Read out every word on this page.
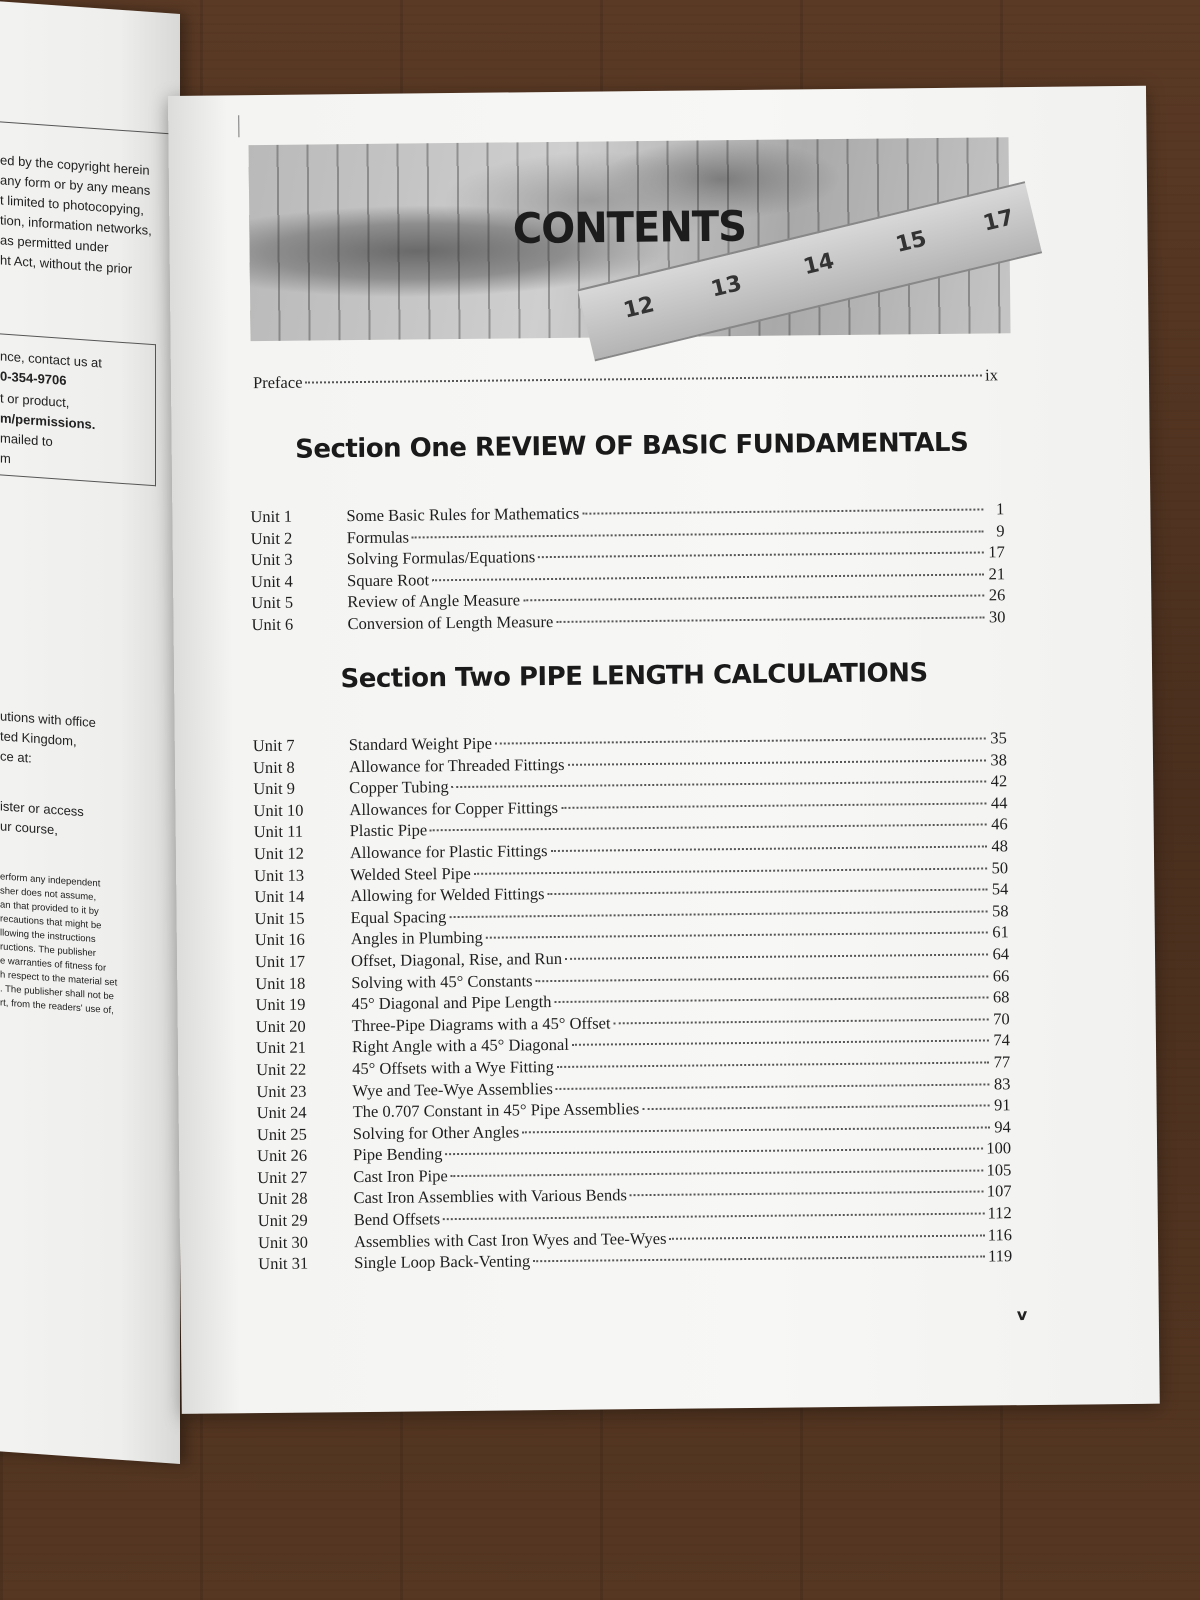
ed by the copyright herein
any form or by any means
t limited to photocopying,
tion, information networks,
as permitted under
ht Act, without the prior
nce, contact us at
0-354-9706
t or product,
m/permissions.
mailed to
m
utions with office
ted Kingdom,
ce at:
ister or access
ur course,
erform any independent
sher does not assume,
an that provided to it by
recautions that might be
llowing the instructions
ructions. The publisher
e warranties of fitness for
h respect to the material set
. The publisher shall not be
rt, from the readers' use of,
12
13
14
15
17
CONTENTS
Preface	ix
Section One REVIEW OF BASIC FUNDAMENTALS
Unit 1	Some Basic Rules for Mathematics	1
Unit 2	Formulas	9
Unit 3	Solving Formulas/Equations	17
Unit 4	Square Root	21
Unit 5	Review of Angle Measure	26
Unit 6	Conversion of Length Measure	30
Section Two PIPE LENGTH CALCULATIONS
Unit 7	Standard Weight Pipe	35
Unit 8	Allowance for Threaded Fittings	38
Unit 9	Copper Tubing	42
Unit 10	Allowances for Copper Fittings	44
Unit 11	Plastic Pipe	46
Unit 12	Allowance for Plastic Fittings	48
Unit 13	Welded Steel Pipe	50
Unit 14	Allowing for Welded Fittings	54
Unit 15	Equal Spacing	58
Unit 16	Angles in Plumbing	61
Unit 17	Offset, Diagonal, Rise, and Run	64
Unit 18	Solving with 45° Constants	66
Unit 19	45° Diagonal and Pipe Length	68
Unit 20	Three-Pipe Diagrams with a 45° Offset	70
Unit 21	Right Angle with a 45° Diagonal	74
Unit 22	45° Offsets with a Wye Fitting	77
Unit 23	Wye and Tee-Wye Assemblies	83
Unit 24	The 0.707 Constant in 45° Pipe Assemblies	91
Unit 25	Solving for Other Angles	94
Unit 26	Pipe Bending	100
Unit 27	Cast Iron Pipe	105
Unit 28	Cast Iron Assemblies with Various Bends	107
Unit 29	Bend Offsets	112
Unit 30	Assemblies with Cast Iron Wyes and Tee-Wyes	116
Unit 31	Single Loop Back-Venting	119
v
